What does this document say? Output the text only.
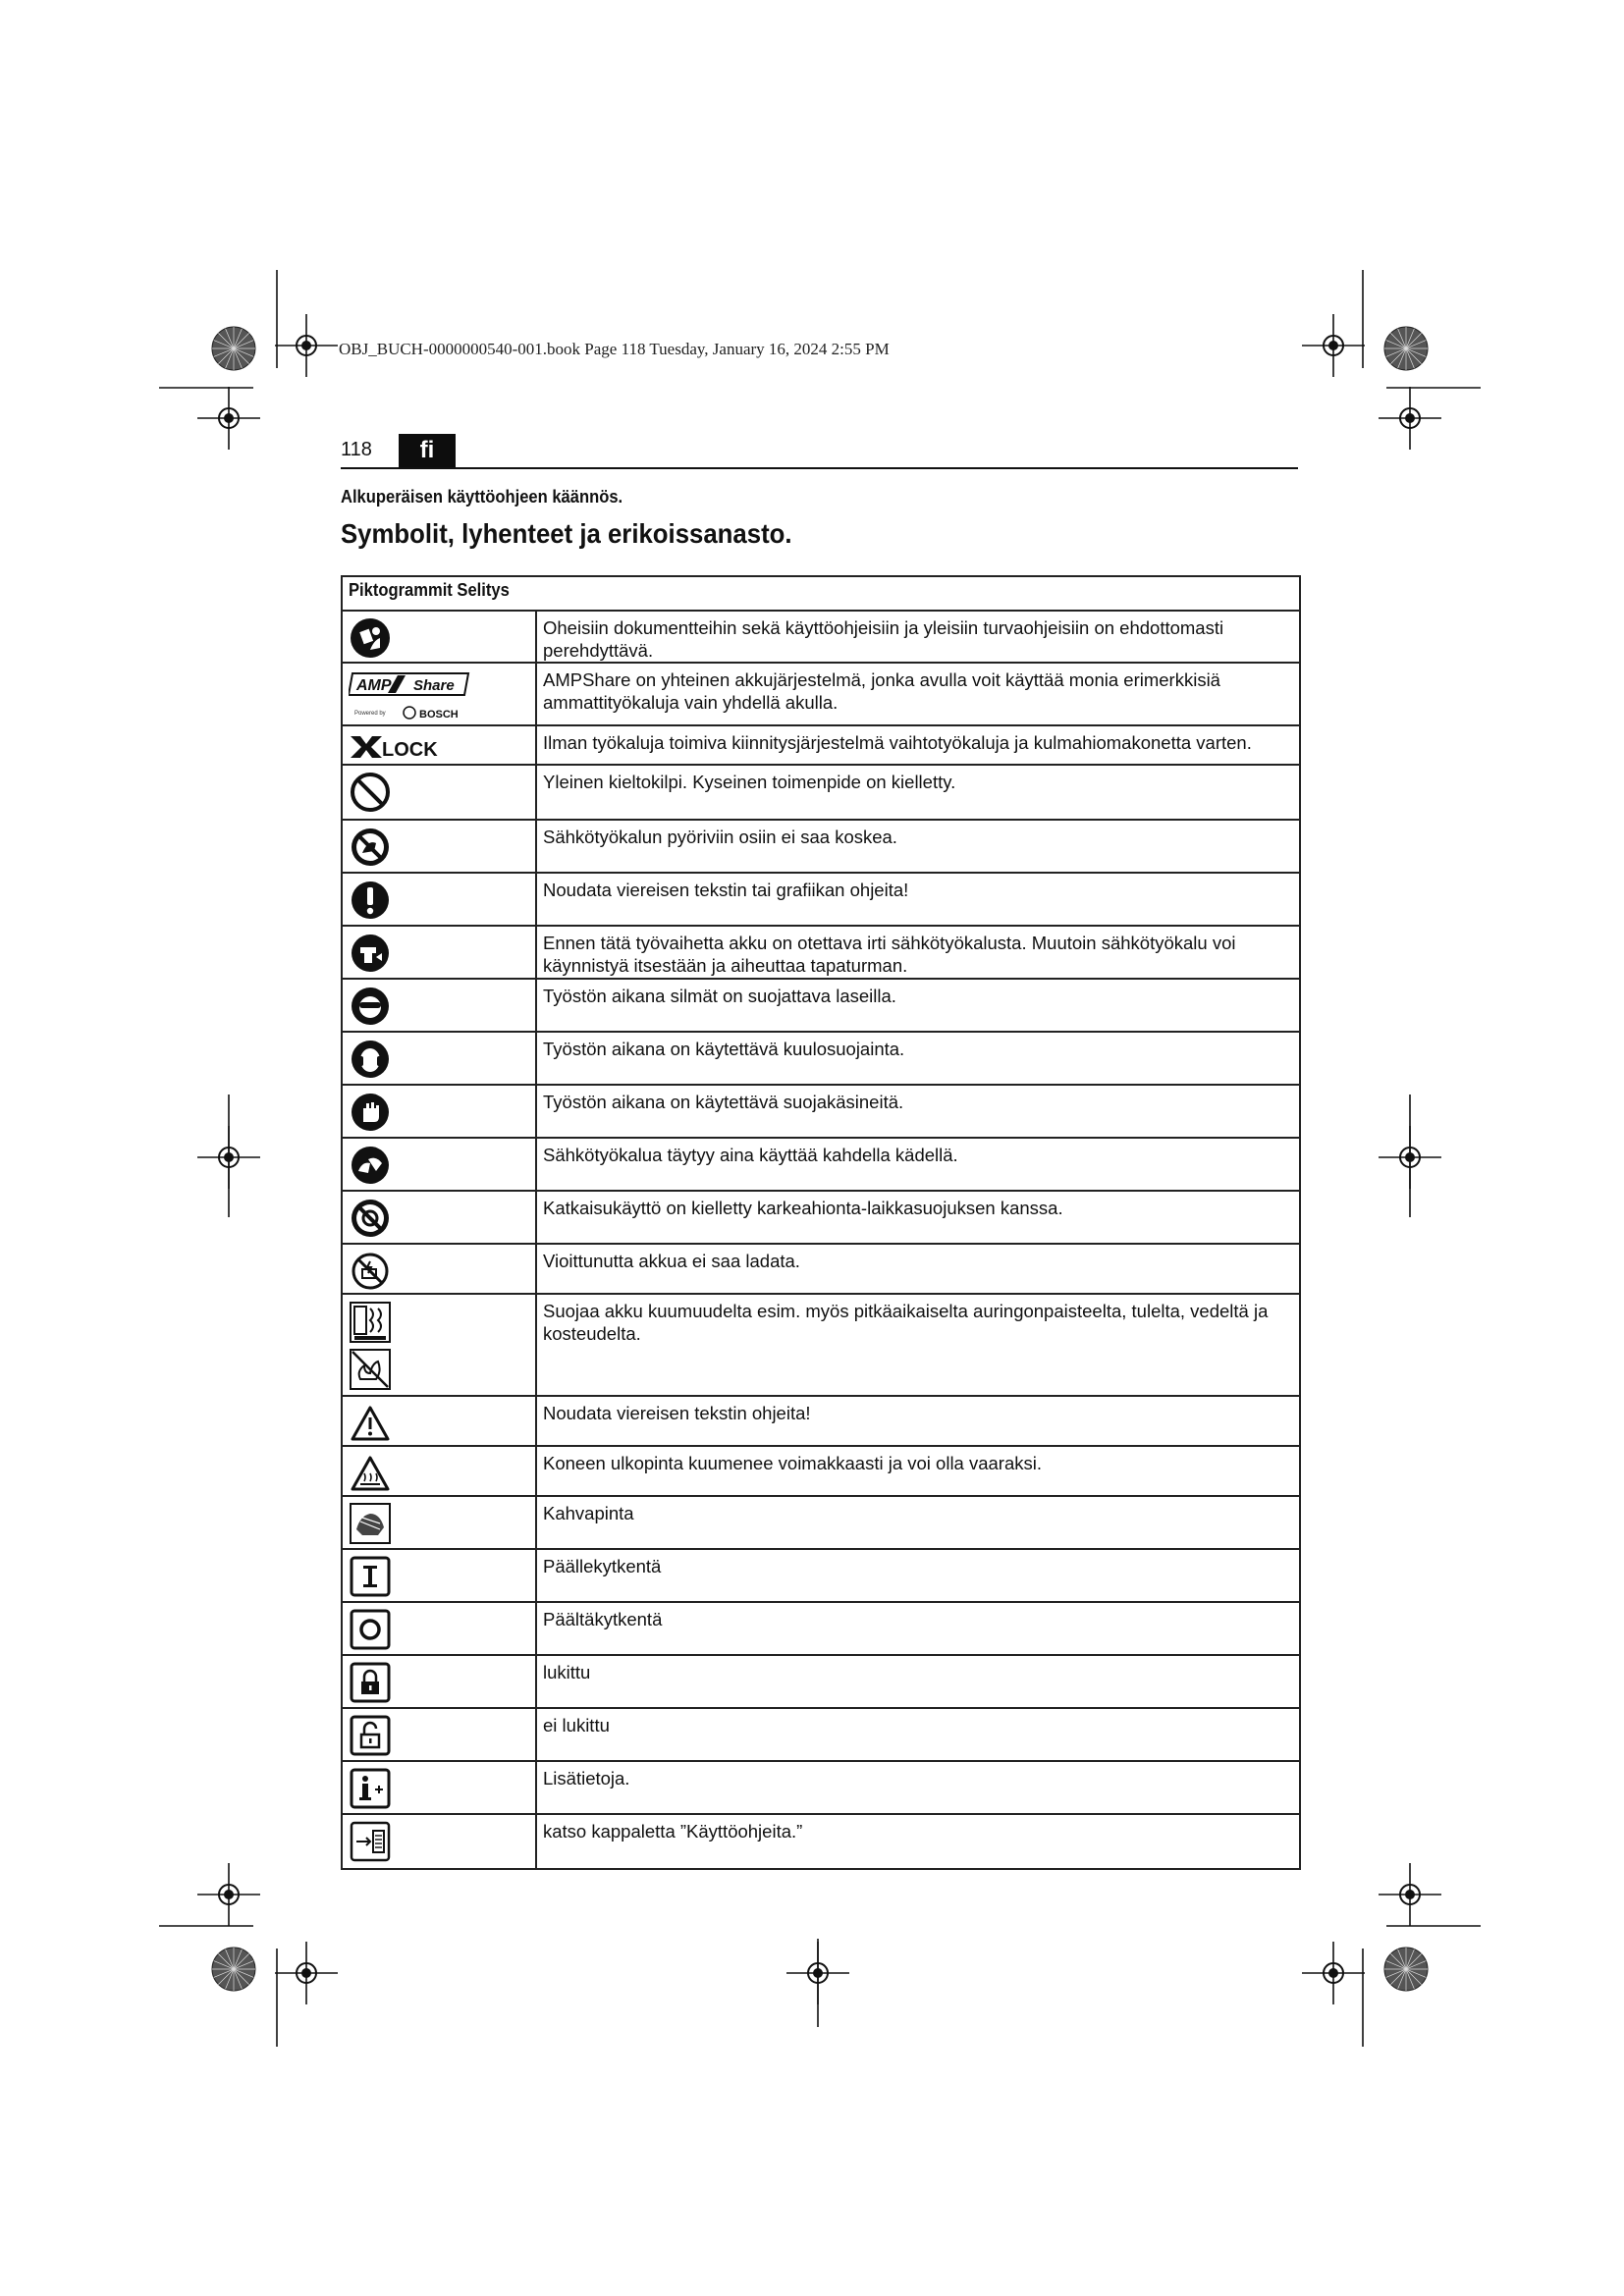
OBJ_BUCH-0000000540-001.book Page 118 Tuesday, January 16, 2024 2:55 PM
118	fi
Alkuperäisen käyttöohjeen käännös.
Symbolit, lyhenteet ja erikoissanasto.
Piktogrammit Selitys	

	Oheisiin dokumentteihin sekä käyttöohjeisiin ja yleisiin turvaohjeisiin on ehdottomasti perehdyttävä.

AMP Share
Powered by BOSCH	AMPShare on yhteinen akkujärjestelmä, jonka avulla voit käyttää monia erimerkkisiä ammattityökaluja vain yhdellä akulla.

LOCK	Ilman työkaluja toimiva kiinnitysjärjestelmä vaihtotyökaluja ja kulmahiomakonetta varten.

	Yleinen kieltokilpi. Kyseinen toimenpide on kielletty.

	Sähkötyökalun pyöriviin osiin ei saa koskea.

	Noudata viereisen tekstin tai grafiikan ohjeita!

	Ennen tätä työvaihetta akku on otettava irti sähkötyökalusta. Muutoin sähkötyökalu voi käynnistyä itsestään ja aiheuttaa tapaturman.

	Työstön aikana silmät on suojattava laseilla.

	Työstön aikana on käytettävä kuulosuojainta.

	Työstön aikana on käytettävä suojakäsineitä.

	Sähkötyökalua täytyy aina käyttää kahdella kädellä.

	Katkaisukäyttö on kielletty karkeahionta-laikkasuojuksen kanssa.

	Vioittunutta akkua ei saa ladata.

	Suojaa akku kuumuudelta esim. myös pitkäaikaiselta auringonpaisteelta, tulelta, vedeltä ja kosteudelta.

	Noudata viereisen tekstin ohjeita!

	Koneen ulkopinta kuumenee voimakkaasti ja voi olla vaaraksi.

	Kahvapinta

	Päällekytkentä

	Päältäkytkentä

	lukittu

	ei lukittu

	Lisätietoja.

	katso kappaletta ”Käyttöohjeita.”
